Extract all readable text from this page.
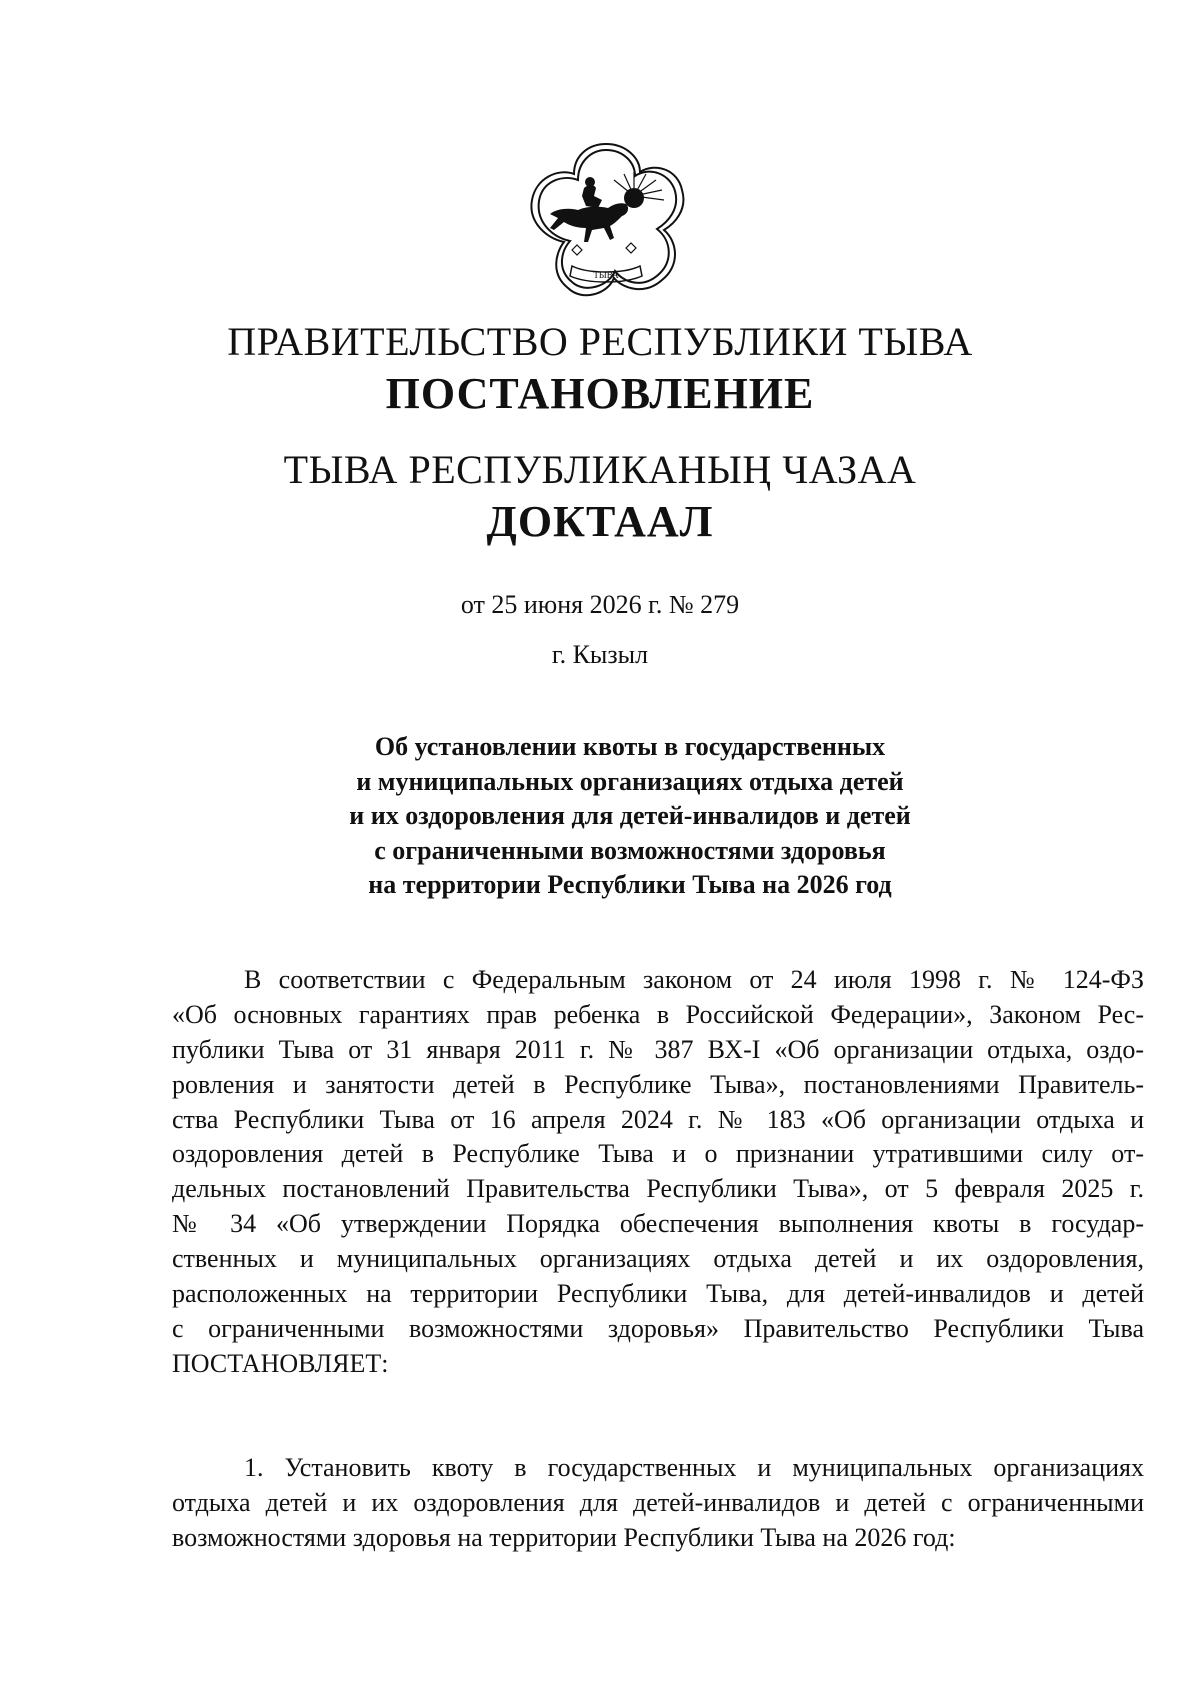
ТЫВА
ПРАВИТЕЛЬСТВО РЕСПУБЛИКИ ТЫВА
ПОСТАНОВЛЕНИЕ
ТЫВА РЕСПУБЛИКАНЫҢ ЧАЗАА
ДОКТААЛ
от 25 июня 2026 г. № 279
г. Кызыл
Об установлении квоты в государственных
и муниципальных организациях отдыха детей
и их оздоровления для детей-инвалидов и детей
с ограниченными возможностями здоровья
на территории Республики Тыва на 2026 год
В соответствии с Федеральным законом от 24 июля 1998 г. № 124-ФЗ
«Об основных гарантиях прав ребенка в Российской Федерации», Законом Рес-
публики Тыва от 31 января 2011 г. № 387 ВХ-I «Об организации отдыха, оздо-
ровления и занятости детей в Республике Тыва», постановлениями Правитель-
ства Республики Тыва от 16 апреля 2024 г. № 183 «Об организации отдыха и
оздоровления детей в Республике Тыва и о признании утратившими силу от-
дельных постановлений Правительства Республики Тыва», от 5 февраля 2025 г.
№ 34 «Об утверждении Порядка обеспечения выполнения квоты в государ-
ственных и муниципальных организациях отдыха детей и их оздоровления,
расположенных на территории Республики Тыва, для детей-инвалидов и детей
с ограниченными возможностями здоровья» Правительство Республики Тыва
ПОСТАНОВЛЯЕТ:
1. Установить квоту в государственных и муниципальных организациях
отдыха детей и их оздоровления для детей-инвалидов и детей с ограниченными
возможностями здоровья на территории Республики Тыва на 2026 год:
